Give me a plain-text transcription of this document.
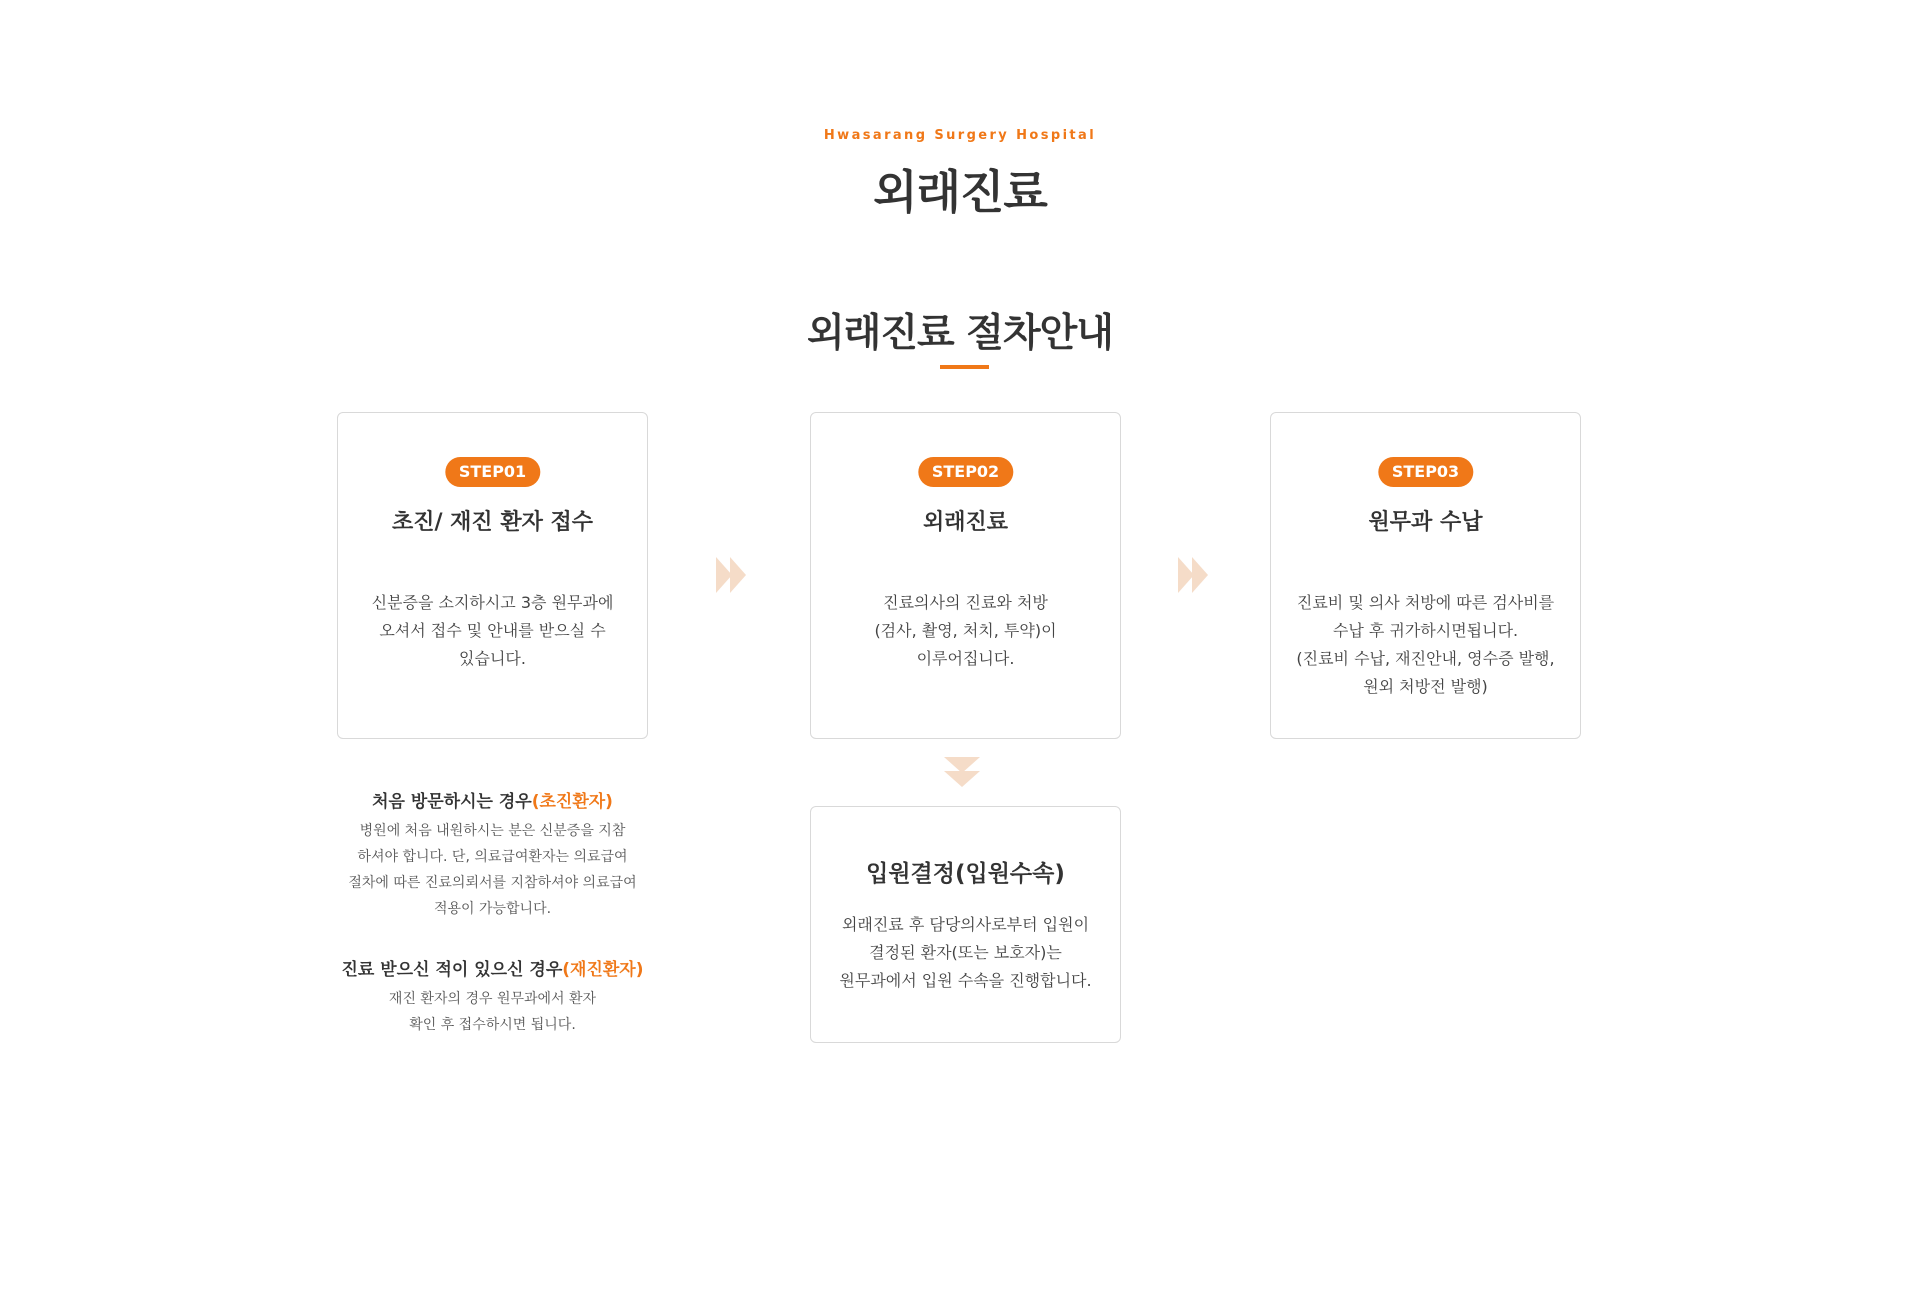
Hwasarang Surgery Hospital
외래진료
외래진료 절차안내
STEP01
초진/ 재진 환자 접수
신분증을 소지하시고 3층 원무과에
오셔서 접수 및 안내를 받으실 수
있습니다.
STEP02
외래진료
진료의사의 진료와 처방
(검사, 촬영, 처치, 투약)이
이루어집니다.
STEP03
원무과 수납
진료비 및 의사 처방에 따른 검사비를
수납 후 귀가하시면됩니다.
(진료비 수납, 재진안내, 영수증 발행,
원외 처방전 발행)
입원결정(입원수속)
외래진료 후 담당의사로부터 입원이
결정된 환자(또는 보호자)는
원무과에서 입원 수속을 진행합니다.
처음 방문하시는 경우(초진환자)
병원에 처음 내원하시는 분은 신분증을 지참
하셔야 합니다. 단, 의료급여환자는 의료급여
절차에 따른 진료의뢰서를 지참하셔야 의료급여
적용이 가능합니다.
진료 받으신 적이 있으신 경우(재진환자)
재진 환자의 경우 원무과에서 환자
확인 후 접수하시면 됩니다.
